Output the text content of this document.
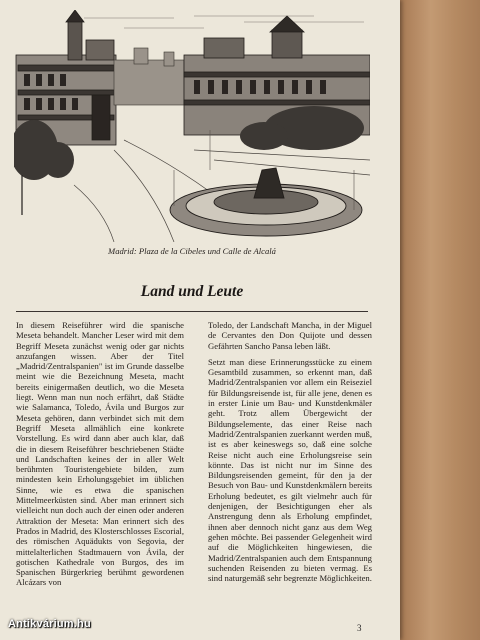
Madrid: Plaza de la Cibeles und Calle de Alcalá
Land und Leute

In diesem Reiseführer wird die spanische Meseta behandelt. Mancher Leser wird mit dem Begriff Meseta zunächst wenig oder gar nichts anzufangen wissen. Aber der Titel „Madrid/Zentralspanien" ist im Grunde dasselbe meint wie die Bezeichnung Meseta, macht bereits einigermaßen deutlich, wo die Meseta liegt. Wenn man nun noch erfährt, daß Städte wie Salamanca, Toledo, Ávila und Burgos zur Meseta gehören, dann verbindet sich mit dem Begriff Meseta allmählich eine konkrete Vorstellung. Es wird dann aber auch klar, daß die in diesem Reiseführer beschriebenen Städte und Landschaften keines der in aller Welt berühmten Touristengebiete bilden, zum mindesten kein Erholungsgebiet im üblichen Sinne, wie es etwa die spanischen Mittelmeerküsten sind. Aber man erinnert sich vielleicht nun doch auch der einen oder anderen Attraktion der Meseta: Man erinnert sich des Prados in Madrid, des Klosterschlosses Escorial, des römischen Aquädukts von Segovia, der mittelalterlichen Stadtmauern von Ávila, der gotischen Kathedrale von Burgos, des im Spanischen Bürgerkrieg berühmt gewordenen Alcázars von

Toledo, der Landschaft Mancha, in der Miguel de Cervantes den Don Quijote und dessen Gefährten Sancho Pansa leben läßt.

Setzt man diese Erinnerungsstücke zu einem Gesamtbild zusammen, so erkennt man, daß Madrid/Zentralspanien vor allem ein Reiseziel für Bildungsreisende ist, für alle jene, denen es in erster Linie um Bau- und Kunstdenkmäler geht. Trotz allem Übergewicht der Bildungselemente, das einer Reise nach Madrid/Zentralspanien zuerkannt werden muß, ist es aber keineswegs so, daß eine solche Reise nicht auch eine Erholungsreise sein könnte. Das ist nicht nur im Sinne des Bildungsreisenden gemeint, für den ja der Besuch von Bau- und Kunstdenkmälern bereits Erholung bedeutet, es gilt vielmehr auch für denjenigen, der Besichtigungen eher als Anstrengung denn als Erholung empfindet, ihnen aber dennoch nicht ganz aus dem Weg gehen möchte. Bei passender Gelegenheit wird auf die Möglichkeiten hingewiesen, die Madrid/Zentralspanien auch dem Entspannung suchenden Reisenden zu bieten vermag. Es sind naturgemäß sehr begrenzte Möglichkeiten.

3
Antikvárium.hu
